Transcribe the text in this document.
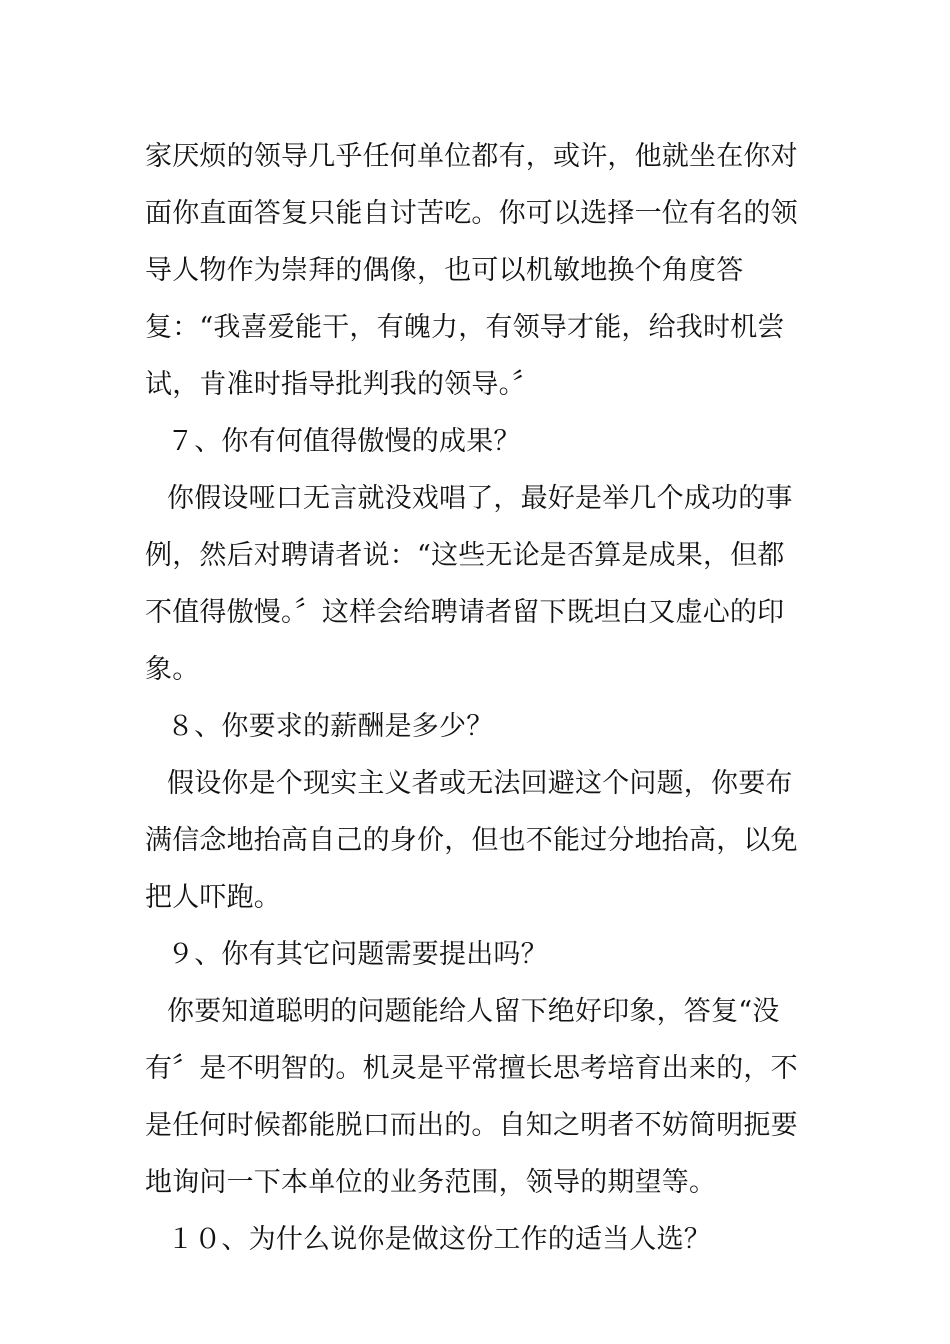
家厌烦的领导几乎任何单位都有，或许，他就坐在你对面你直面答复只能自讨苦吃。你可以选择一位有名的领导人物作为崇拜的偶像，也可以机敏地换个角度答复：“我喜爱能干，有魄力，有领导才能，给我时机尝试，肯准时指导批判我的领导。〞

７、你有何值得傲慢的成果？

你假设哑口无言就没戏唱了，最好是举几个成功的事例，然后对聘请者说：“这些无论是否算是成果，但都不值得傲慢。〞这样会给聘请者留下既坦白又虚心的印象。

８、你要求的薪酬是多少？

假设你是个现实主义者或无法回避这个问题，你要布满信念地抬高自己的身价，但也不能过分地抬高，以免把人吓跑。

９、你有其它问题需要提出吗？

你要知道聪明的问题能给人留下绝好印象，答复“没有〞是不明智的。机灵是平常擅长思考培育出来的，不是任何时候都能脱口而出的。自知之明者不妨简明扼要地询问一下本单位的业务范围，领导的期望等。

１０、为什么说你是做这份工作的适当人选？
